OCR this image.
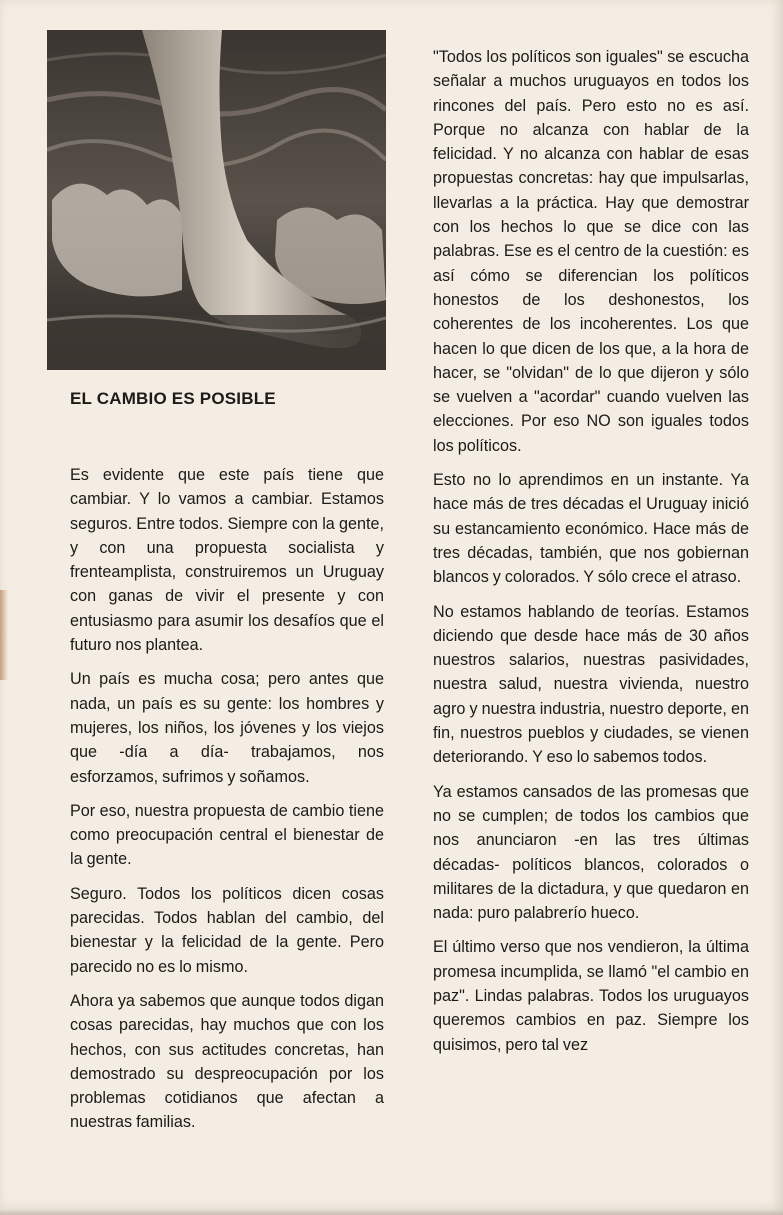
EL CAMBIO ES POSIBLE

Es evidente que este país tiene que cambiar. Y lo vamos a cambiar. Estamos seguros. Entre todos. Siempre con la gente, y con una propuesta socialista y frenteamplista, construiremos un Uruguay con ganas de vivir el presente y con entusiasmo para asumir los desafíos que el futuro nos plantea.

Un país es mucha cosa; pero antes que nada, un país es su gente: los hombres y mujeres, los niños, los jóvenes y los viejos que -día a día- trabajamos, nos esforzamos, sufrimos y soñamos.

Por eso, nuestra propuesta de cambio tiene como preocupación central el bienestar de la gente.

Seguro. Todos los políticos dicen cosas parecidas. Todos hablan del cambio, del bienestar y la felicidad de la gente. Pero parecido no es lo mismo.

Ahora ya sabemos que aunque todos digan cosas parecidas, hay muchos que con los hechos, con sus actitudes concretas, han demostrado su despreocupación por los problemas cotidianos que afectan a nuestras familias.

"Todos los políticos son iguales" se escucha señalar a muchos uruguayos en todos los rincones del país. Pero esto no es así. Porque no alcanza con hablar de la felicidad. Y no alcanza con hablar de esas propuestas concretas: hay que impulsarlas, llevarlas a la práctica. Hay que demostrar con los hechos lo que se dice con las palabras. Ese es el centro de la cuestión: es así cómo se diferencian los políticos honestos de los deshonestos, los coherentes de los incoherentes. Los que hacen lo que dicen de los que, a la hora de hacer, se "olvidan" de lo que dijeron y sólo se vuelven a "acordar" cuando vuelven las elecciones. Por eso NO son iguales todos los políticos.

Esto no lo aprendimos en un instante. Ya hace más de tres décadas el Uruguay inició su estancamiento económico. Hace más de tres décadas, también, que nos gobiernan blancos y colorados. Y sólo crece el atraso.

No estamos hablando de teorías. Estamos diciendo que desde hace más de 30 años nuestros salarios, nuestras pasividades, nuestra salud, nuestra vivienda, nuestro agro y nuestra industria, nuestro deporte, en fin, nuestros pueblos y ciudades, se vienen deteriorando. Y eso lo sabemos todos.

Ya estamos cansados de las promesas que no se cumplen; de todos los cambios que nos anunciaron -en las tres últimas décadas- políticos blancos, colorados o militares de la dictadura, y que quedaron en nada: puro palabrerío hueco.

El último verso que nos vendieron, la última promesa incumplida, se llamó "el cambio en paz". Lindas palabras. Todos los uruguayos queremos cambios en paz. Siempre los quisimos, pero tal vez
